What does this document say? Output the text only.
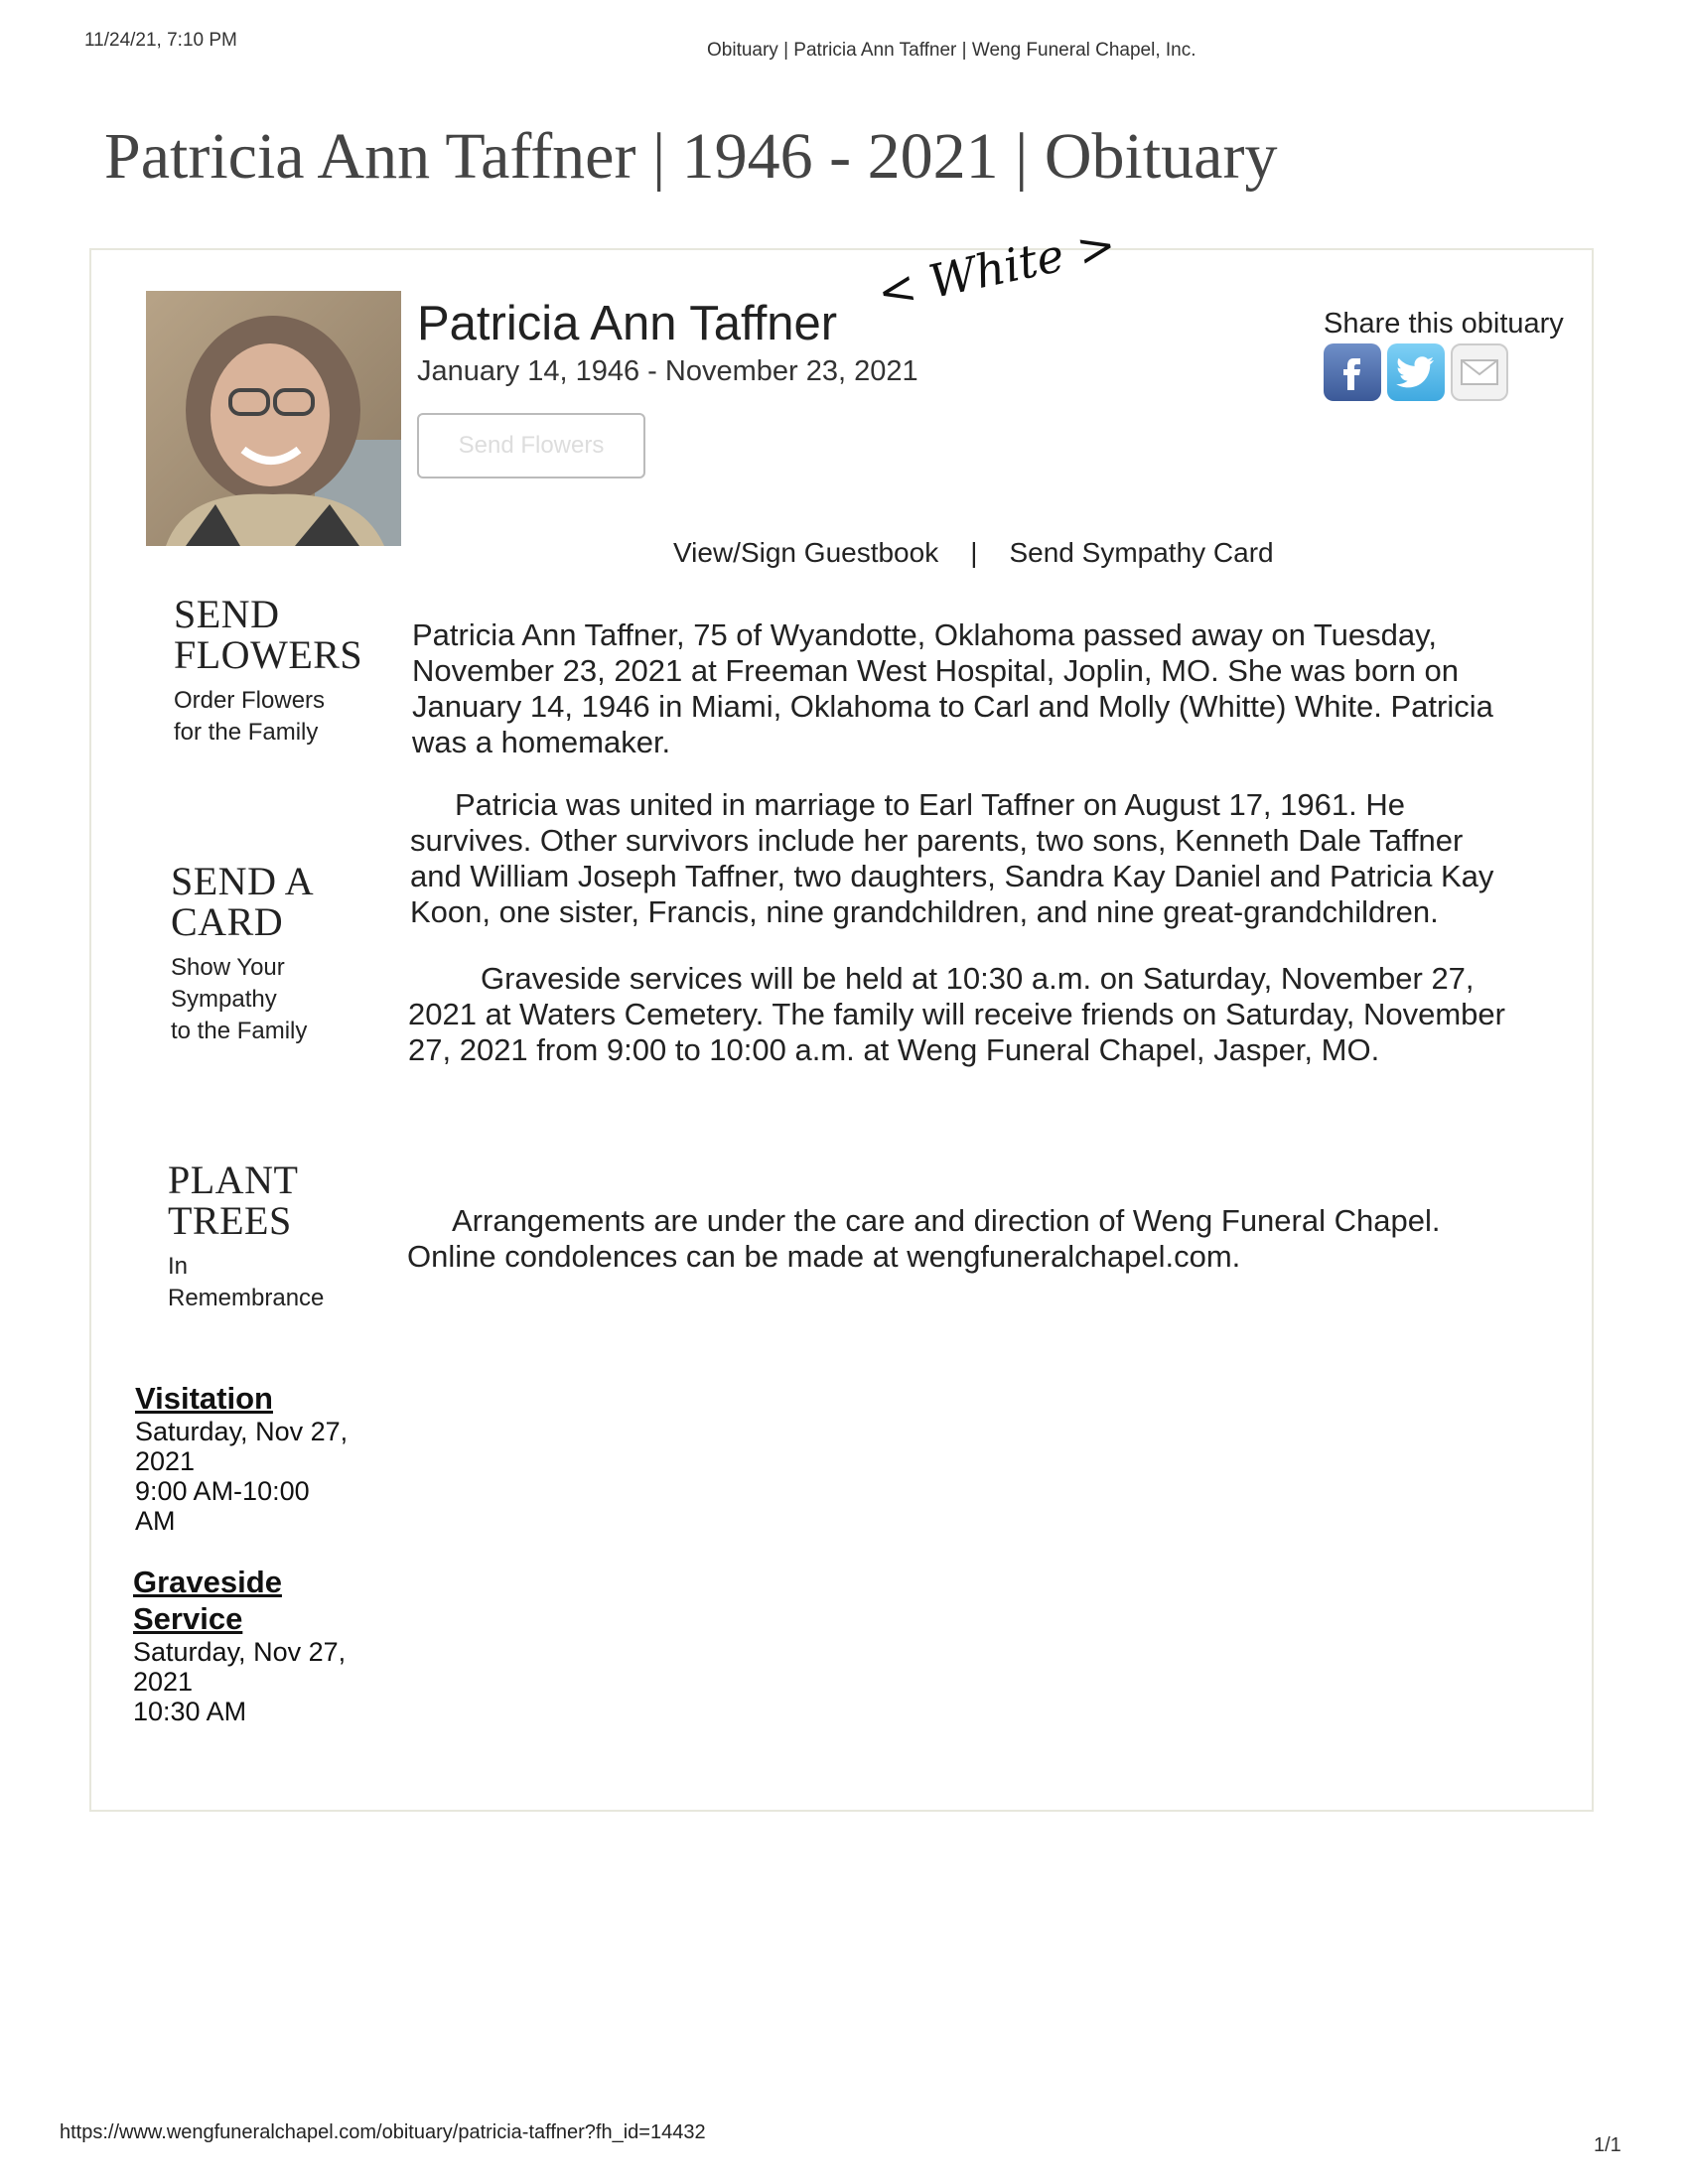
11/24/21, 7:10 PM	Obituary | Patricia Ann Taffner | Weng Funeral Chapel, Inc.
Patricia Ann Taffner | 1946 - 2021 | Obituary
Patricia Ann Taffner
< White >
January 14, 1946 - November 23, 2021
Send Flowers
Share this obituary
View/Sign Guestbook | Send Sympathy Card
SEND
FLOWERS
Order Flowers
for the Family
SEND A
CARD
Show Your
Sympathy
to the Family
PLANT
TREES
In
Remembrance
Visitation
Saturday, Nov 27,
2021
9:00 AM-10:00
AM
Graveside
Service
Saturday, Nov 27,
2021
10:30 AM
Patricia Ann Taffner, 75 of Wyandotte, Oklahoma passed away on Tuesday,
November 23, 2021 at Freeman West Hospital, Joplin, MO. She was born on
January 14, 1946 in Miami, Oklahoma to Carl and Molly (Whitte) White. Patricia
was a homemaker.
Patricia was united in marriage to Earl Taffner on August 17, 1961. He
survives. Other survivors include her parents, two sons, Kenneth Dale Taffner
and William Joseph Taffner, two daughters, Sandra Kay Daniel and Patricia Kay
Koon, one sister, Francis, nine grandchildren, and nine great-grandchildren.
Graveside services will be held at 10:30 a.m. on Saturday, November 27,
2021 at Waters Cemetery. The family will receive friends on Saturday, November
27, 2021 from 9:00 to 10:00 a.m. at Weng Funeral Chapel, Jasper, MO.
Arrangements are under the care and direction of Weng Funeral Chapel.
Online condolences can be made at wengfuneralchapel.com.
https://www.wengfuneralchapel.com/obituary/patricia-taffner?fh_id=14432
1/1
